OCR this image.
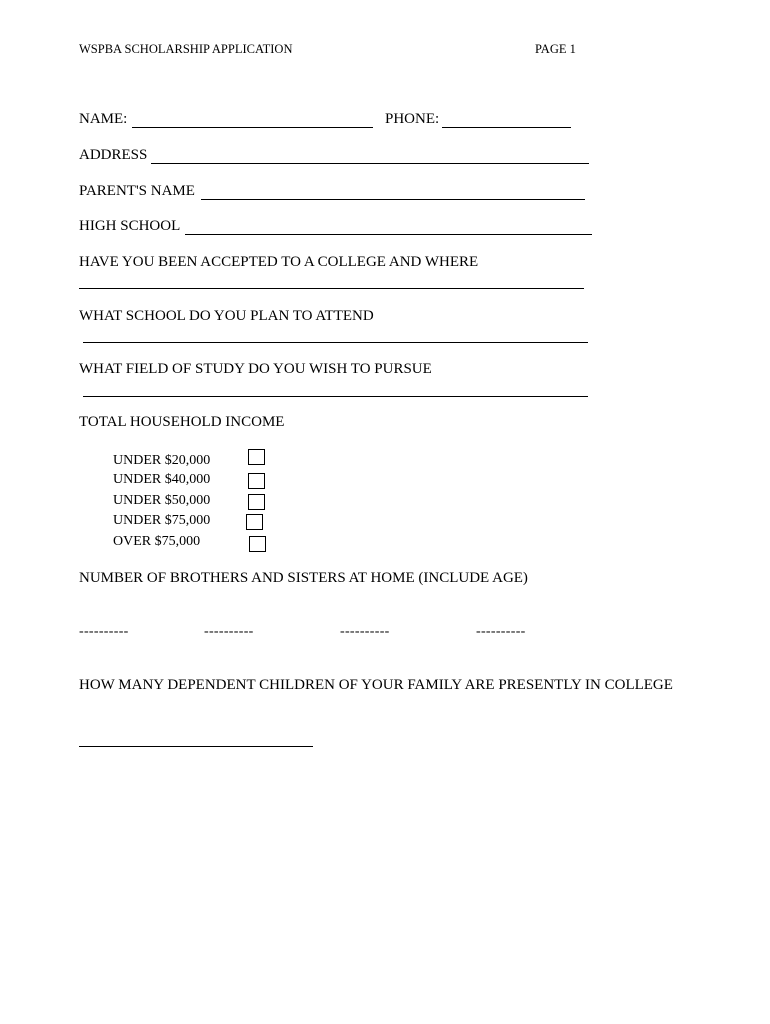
WSPBA SCHOLARSHIP APPLICATION	PAGE 1
NAME:	PHONE:
ADDRESS
PARENT'S NAME
HIGH SCHOOL
HAVE YOU BEEN ACCEPTED TO A COLLEGE AND WHERE
WHAT SCHOOL DO YOU PLAN TO ATTEND
WHAT FIELD OF STUDY DO YOU WISH TO PURSUE
TOTAL HOUSEHOLD INCOME
UNDER $20,000
UNDER $40,000
UNDER $50,000
UNDER $75,000
OVER $75,000
NUMBER OF BROTHERS AND SISTERS AT HOME (INCLUDE AGE)
----------	----------	----------	----------
HOW MANY DEPENDENT CHILDREN OF YOUR FAMILY ARE PRESENTLY IN COLLEGE
